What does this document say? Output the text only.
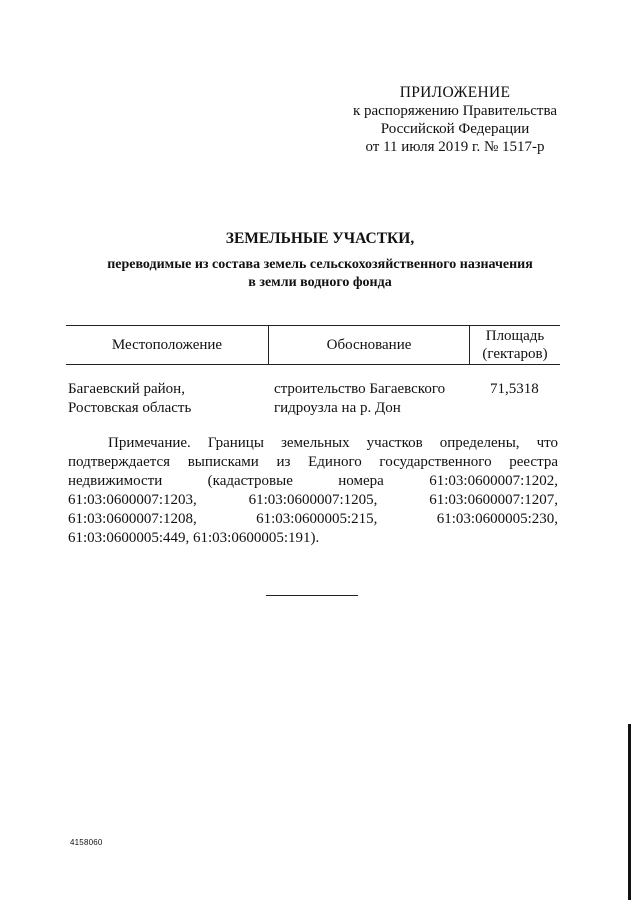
ПРИЛОЖЕНИЕ
к распоряжению Правительства
Российской Федерации
от 11 июля 2019 г. № 1517-р
ЗЕМЕЛЬНЫЕ УЧАСТКИ,
переводимые из состава земель сельскохозяйственного назначения
в земли водного фонда
Местоположение	Обоснование
Площадь
(гектаров)
Багаевский район,
Ростовская область
строительство Багаевского
гидроузла на р. Дон
71,5318
Примечание. Границы земельных участков определены, что подтверждается выписками из Единого государственного реестра недвижимости (кадастровые номера 61:03:0600007:1202, 61:03:0600007:1203, 61:03:0600007:1205, 61:03:0600007:1207, 61:03:0600007:1208, 61:03:0600005:215, 61:03:0600005:230, 61:03:0600005:449, 61:03:0600005:191).
4158060
